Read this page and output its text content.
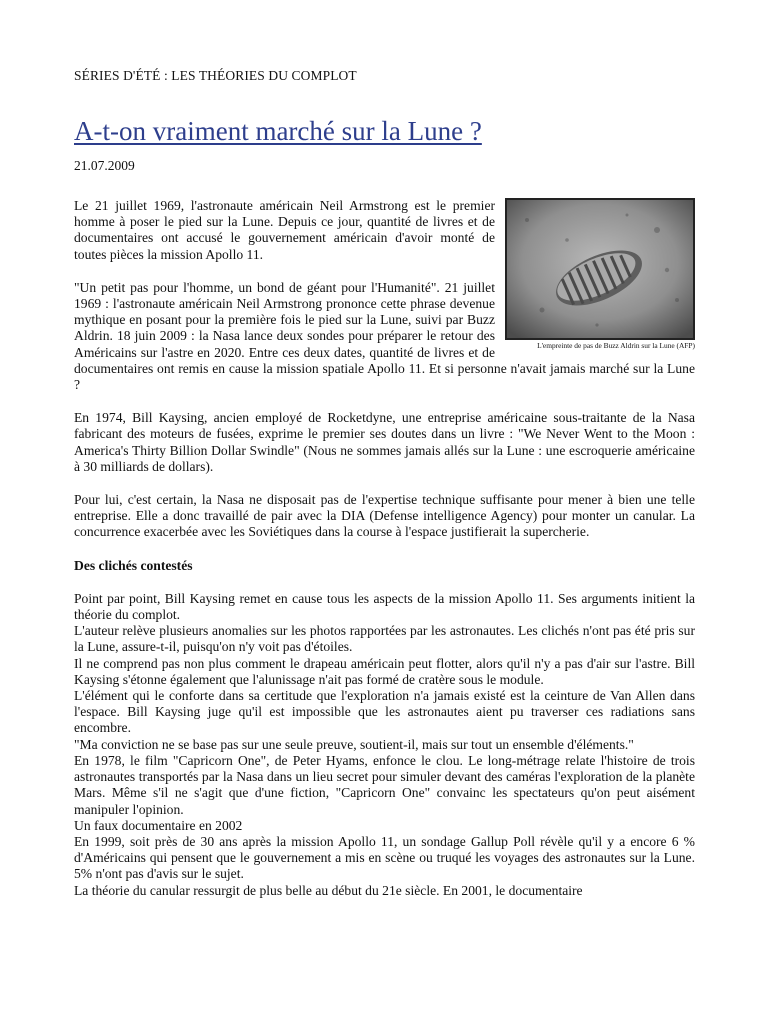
SÉRIES D'ÉTÉ : LES THÉORIES DU COMPLOT
A-t-on vraiment marché sur la Lune ?
21.07.2009
L'empreinte de pas de Buzz Aldrin sur la Lune (AFP)

Le 21 juillet 1969, l'astronaute américain Neil Armstrong est le premier homme à poser le pied sur la Lune. Depuis ce jour, quantité de livres et de documentaires ont accusé le gouvernement américain d'avoir monté de toutes pièces la mission Apollo 11.

"Un petit pas pour l'homme, un bond de géant pour l'Humanité". 21 juillet 1969 : l'astronaute américain Neil Armstrong prononce cette phrase devenue mythique en posant pour la première fois le pied sur la Lune, suivi par Buzz Aldrin. 18 juin 2009 : la Nasa lance deux sondes pour préparer le retour des Américains sur l'astre en 2020. Entre ces deux dates, quantité de livres et de documentaires ont remis en cause la mission spatiale Apollo 11. Et si personne n'avait jamais marché sur la Lune ?

En 1974, Bill Kaysing, ancien employé de Rocketdyne, une entreprise américaine sous-traitante de la Nasa fabricant des moteurs de fusées, exprime le premier ses doutes dans un livre : "We Never Went to the Moon : America's Thirty Billion Dollar Swindle" (Nous ne sommes jamais allés sur la Lune : une escroquerie américaine à 30 milliards de dollars).

Pour lui, c'est certain, la Nasa ne disposait pas de l'expertise technique suffisante pour mener à bien une telle entreprise. Elle a donc travaillé de pair avec la DIA (Defense intelligence Agency) pour monter un canular. La concurrence exacerbée avec les Soviétiques dans la course à l'espace justifierait la supercherie.

Des clichés contestés

Point par point, Bill Kaysing remet en cause tous les aspects de la mission Apollo 11. Ses arguments initient la théorie du complot.

L'auteur relève plusieurs anomalies sur les photos rapportées par les astronautes. Les clichés n'ont pas été pris sur la Lune, assure-t-il, puisqu'on n'y voit pas d'étoiles.

Il ne comprend pas non plus comment le drapeau américain peut flotter, alors qu'il n'y a pas d'air sur l'astre. Bill Kaysing s'étonne également que l'alunissage n'ait pas formé de cratère sous le module.

L'élément qui le conforte dans sa certitude que l'exploration n'a jamais existé est la ceinture de Van Allen dans l'espace. Bill Kaysing juge qu'il est impossible que les astronautes aient pu traverser ces radiations sans encombre.

"Ma conviction ne se base pas sur une seule preuve, soutient-il, mais sur tout un ensemble d'éléments."

En 1978, le film "Capricorn One", de Peter Hyams, enfonce le clou. Le long-métrage relate l'histoire de trois astronautes transportés par la Nasa dans un lieu secret pour simuler devant des caméras l'exploration de la planète Mars. Même s'il ne s'agit que d'une fiction, "Capricorn One" convainc les spectateurs qu'on peut aisément manipuler l'opinion.

Un faux documentaire en 2002

En 1999, soit près de 30 ans après la mission Apollo 11, un sondage Gallup Poll révèle qu'il y a encore 6 % d'Américains qui pensent que le gouvernement a mis en scène ou truqué les voyages des astronautes sur la Lune. 5% n'ont pas d'avis sur le sujet.

La théorie du canular ressurgit de plus belle au début du 21e siècle. En 2001, le documentaire
